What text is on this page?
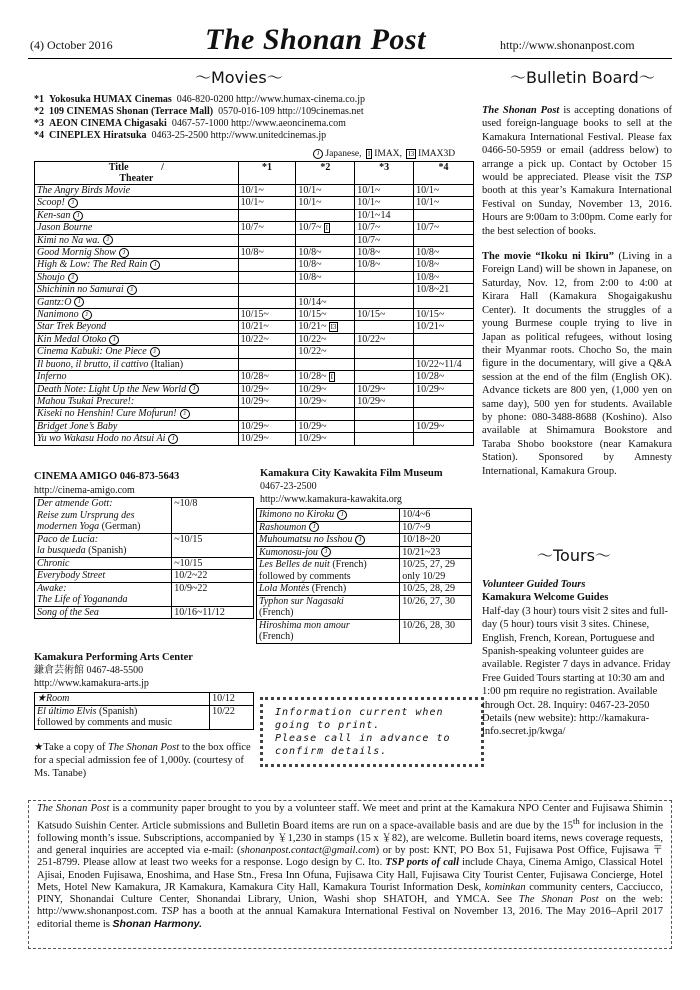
(4) October 2016	The Shonan Post	http://www.shonanpost.com
〜Movies〜
*1 Yokosuka HUMAX Cinemas 046-820-0200 http://www.humax-cinema.co.jp
*2 109 CINEMAS Shonan (Terrace Mall) 0570-016-109 http://109cinemas.net
*3 AEON CINEMA Chigasaki 0467-57-1000 http://www.aeoncinema.com
*4 CINEPLEX Hiratsuka 0463-25-2500 http://www.unitedcinemas.jp
J Japanese, I IMAX, I3 IMAX3D
Title /
Theater	*1	*2	*3	*4
The Angry Birds Movie	10/1~	10/1~	10/1~	10/1~
Scoop! J	10/1~	10/1~	10/1~	10/1~
Ken-san J			10/1~14	
Jason Bourne	10/7~	10/7~ I	10/7~	10/7~
Kimi no Na wa. J			10/7~	
Good Mornig Show J	10/8~	10/8~	10/8~	10/8~
High & Low: The Red Rain J		10/8~	10/8~	10/8~
Shoujo J		10/8~		10/8~
Shichinin no Samurai J				10/8~21
Gantz:O J		10/14~		
Nanimono J	10/15~	10/15~	10/15~	10/15~
Star Trek Beyond	10/21~	10/21~ I3		10/21~
Kin Medal Otoko J	10/22~	10/22~	10/22~	
Cinema Kabuki: One Piece J		10/22~		
Il buono, il brutto, il cattivo (Italian)				10/22~11/4
Inferno	10/28~	10/28~ I		10/28~
Death Note: Light Up the New World J	10/29~	10/29~	10/29~	10/29~
Mahou Tsukai Precure!:	10/29~	10/29~	10/29~	
Kiseki no Henshin! Cure Mofurun! J				
Bridget Jone’s Baby	10/29~	10/29~		10/29~
Yu wo Wakasu Hodo no Atsui Ai J	10/29~	10/29~		
CINEMA AMIGO 046-873-5643
http://cinema-amigo.com
Der atmende Gott:
Reise zum Ursprung des
modernen Yoga (German)	~10/8
Paco de Lucia:
la busqueda (Spanish)	~10/15
Chronic	~10/15
Everybody Street	10/2~22
Awake:
The Life of Yogananda	10/9~22
Song of the Sea	10/16~11/12
Kamakura Performing Arts Center
鎌倉芸術館 0467-48-5500
http://www.kamakura-arts.jp
★Room	10/12
El último Elvis (Spanish)
followed by comments and music	10/22
★Take a copy of The Shonan Post to the box office for a special admission fee of 1,000y. (courtesy of Ms. Tanabe)
Kamakura City Kawakita Film Museum
0467-23-2500
http://www.kamakura-kawakita.org
Ikimono no Kiroku J	10/4~6
Rashoumon J	10/7~9
Muhoumatsu no Isshou J	10/18~20
Kumonosu-jou J	10/21~23
Les Belles de nuit (French)
followed by comments	10/25, 27, 29
only 10/29
Lola Montès (French)	10/25, 28, 29
Typhon sur Nagasaki
(French)	10/26, 27, 30
Hiroshima mon amour
(French)	10/26, 28, 30
Information current when
going to print.
Please call in advance to
confirm details.
〜Bulletin Board〜

The Shonan Post is accepting donations of used foreign-language books to sell at the Kamakura International Festival. Please fax 0466-50-5959 or email (address below) to arrange a pick up. Contact by October 15 would be appreciated. Please visit the TSP booth at this year’s Kamakura International Festival on Sunday, November 13, 2016. Hours are 9:00am to 3:00pm. Come early for the best selection of books.

The movie “Ikoku ni Ikiru” (Living in a Foreign Land) will be shown in Japanese, on Saturday, Nov. 12, from 2:00 to 4:00 at Kirara Hall (Kamakura Shogaigakushu Center). It documents the struggles of a young Burmese couple trying to live in Japan as political refugees, without losing their Myanmar roots. Chocho So, the main figure in the documentary, will give a Q&A session at the end of the film (English OK). Advance tickets are 800 yen, (1,000 yen on same day), 500 yen for students. Available by phone: 080-3488-8688 (Koshino). Also available at Shimamura Bookstore and Taraba Shobo bookstore (near Kamakura Station). Sponsored by Amnesty International, Kamakura Group.

〜Tours〜
Volunteer Guided Tours
Kamakura Welcome Guides
Half-day (3 hour) tours visit 2 sites and full-day (5 hour) tours visit 3 sites. Chinese, English, French, Korean, Portuguese and Spanish-speaking volunteer guides are available. Register 7 days in advance. Friday Free Guided Tours starting at 10:30 am and 1:00 pm require no registration. Available through Oct. 28. Inquiry: 0467-23-2050 Details (new website): http://kamakura-info.secret.jp/kwga/
The Shonan Post is a community paper brought to you by a volunteer staff. We meet and print at the Kamakura NPO Center and Fujisawa Shimin Katsudo Suishin Center. Article submissions and Bulletin Board items are run on a space-available basis and are due by the 15th for inclusion in the following month’s issue. Subscriptions, accompanied by ￥1,230 in stamps (15 x ￥82), are welcome. Bulletin board items, news coverage requests, and general inquiries are accepted via e-mail: (shonanpost.contact@gmail.com) or by post: KNT, PO Box 51, Fujisawa Post Office, Fujisawa 〒251-8799. Please allow at least two weeks for a response. Logo design by C. Ito. TSP ports of call include Chaya, Cinema Amigo, Classical Hotel Ajisai, Enoden Fujisawa, Enoshima, and Hase Stn., Fresa Inn Ofuna, Fujisawa City Hall, Fujisawa City Tourist Center, Fujisawa Concierge, Hotel Mets, Hotel New Kamakura, JR Kamakura, Kamakura City Hall, Kamakura Tourist Information Desk, kominkan community centers, Cacciucco, PINY, Shonandai Culture Center, Shonandai Library, Union, Washi shop SHATOH, and YMCA. See The Shonan Post on the web: http://www.shonanpost.com. TSP has a booth at the annual Kamakura International Festival on November 13, 2016. The May 2016–April 2017 editorial theme is Shonan Harmony.
